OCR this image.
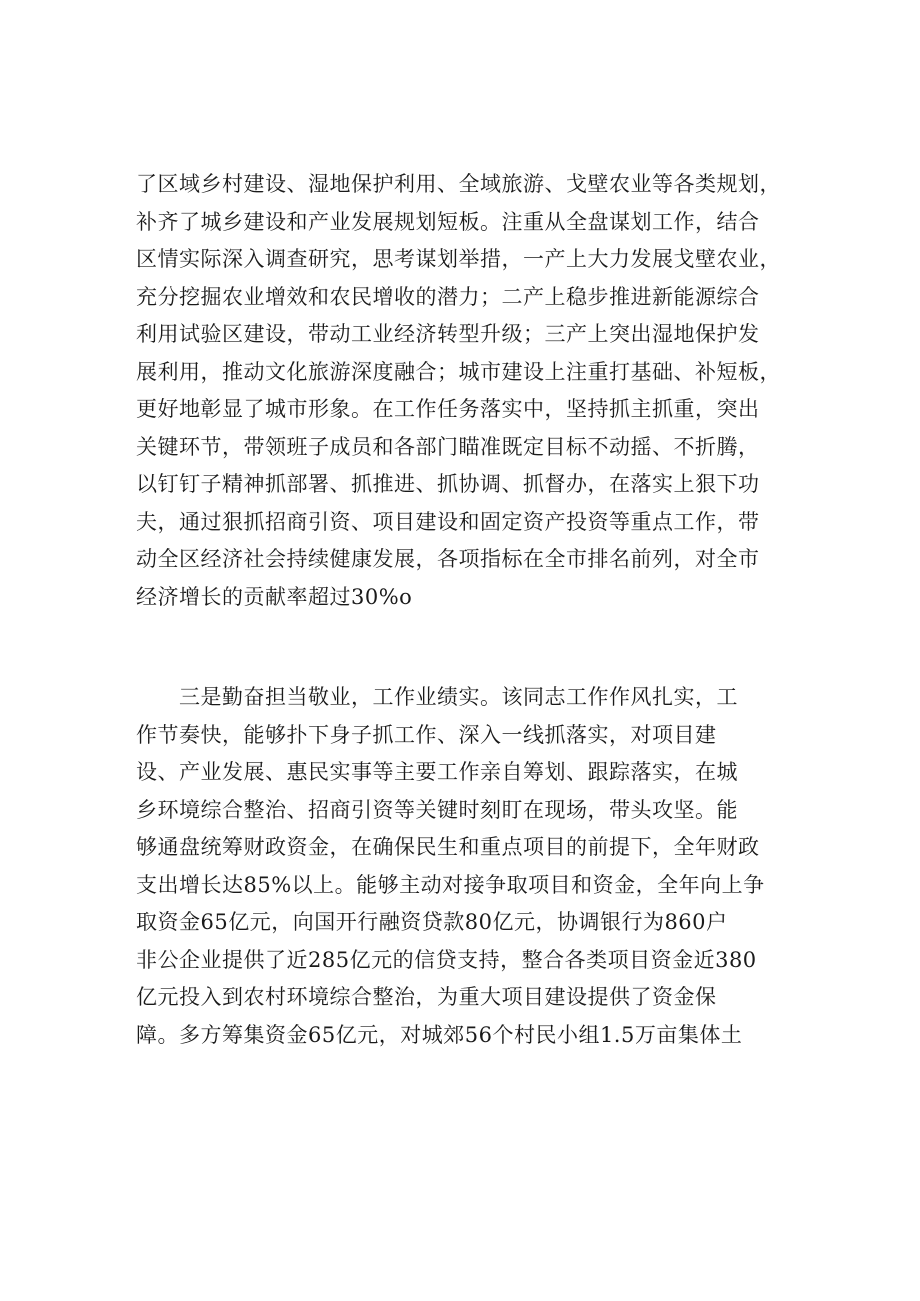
了区域乡村建设、湿地保护利用、全域旅游、戈壁农业等各类规划，
补齐了城乡建设和产业发展规划短板。注重从全盘谋划工作，结合
区情实际深入调查研究，思考谋划举措，一产上大力发展戈壁农业，
充分挖掘农业增效和农民增收的潜力；二产上稳步推进新能源综合
利用试验区建设，带动工业经济转型升级；三产上突出湿地保护发
展利用，推动文化旅游深度融合；城市建设上注重打基础、补短板，
更好地彰显了城市形象。在工作任务落实中，坚持抓主抓重，突出
关键环节，带领班子成员和各部门瞄准既定目标不动摇、不折腾，
以钉钉子精神抓部署、抓推进、抓协调、抓督办，在落实上狠下功
夫，通过狠抓招商引资、项目建设和固定资产投资等重点工作，带
动全区经济社会持续健康发展，各项指标在全市排名前列，对全市
经济增长的贡献率超过30%o
　　三是勤奋担当敬业，工作业绩实。该同志工作作风扎实，工
作节奏快，能够扑下身子抓工作、深入一线抓落实，对项目建
设、产业发展、惠民实事等主要工作亲自筹划、跟踪落实，在城
乡环境综合整治、招商引资等关键时刻盯在现场，带头攻坚。能
够通盘统筹财政资金，在确保民生和重点项目的前提下，全年财政
支出增长达85%以上。能够主动对接争取项目和资金，全年向上争
取资金65亿元，向国开行融资贷款80亿元，协调银行为860户
非公企业提供了近285亿元的信贷支持，整合各类项目资金近380
亿元投入到农村环境综合整治，为重大项目建设提供了资金保
障。多方筹集资金65亿元，对城郊56个村民小组1.5万亩集体土
